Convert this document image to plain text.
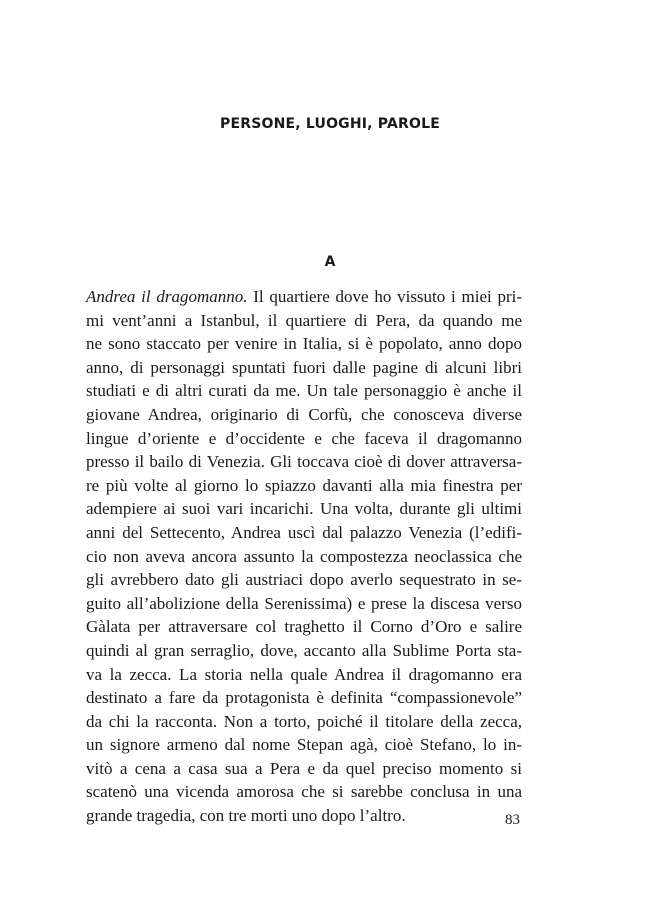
PERSONE, LUOGHI, PAROLE
A
Andrea il dragomanno. Il quartiere dove ho vissuto i miei pri-
mi vent’anni a Istanbul, il quartiere di Pera, da quando me
ne sono staccato per venire in Italia, si è popolato, anno dopo
anno, di personaggi spuntati fuori dalle pagine di alcuni libri
studiati e di altri curati da me. Un tale personaggio è anche il
giovane Andrea, originario di Corfù, che conosceva diverse
lingue d’oriente e d’occidente e che faceva il dragomanno
presso il bailo di Venezia. Gli toccava cioè di dover attraversa-
re più volte al giorno lo spiazzo davanti alla mia finestra per
adempiere ai suoi vari incarichi. Una volta, durante gli ultimi
anni del Settecento, Andrea uscì dal palazzo Venezia (l’edifi-
cio non aveva ancora assunto la compostezza neoclassica che
gli avrebbero dato gli austriaci dopo averlo sequestrato in se-
guito all’abolizione della Serenissima) e prese la discesa verso
Gàlata per attraversare col traghetto il Corno d’Oro e salire
quindi al gran serraglio, dove, accanto alla Sublime Porta sta-
va la zecca. La storia nella quale Andrea il dragomanno era
destinato a fare da protagonista è definita “compassionevole”
da chi la racconta. Non a torto, poiché il titolare della zecca,
un signore armeno dal nome Stepan agà, cioè Stefano, lo in-
vitò a cena a casa sua a Pera e da quel preciso momento si
scatenò una vicenda amorosa che si sarebbe conclusa in una
grande tragedia, con tre morti uno dopo l’altro.	83
